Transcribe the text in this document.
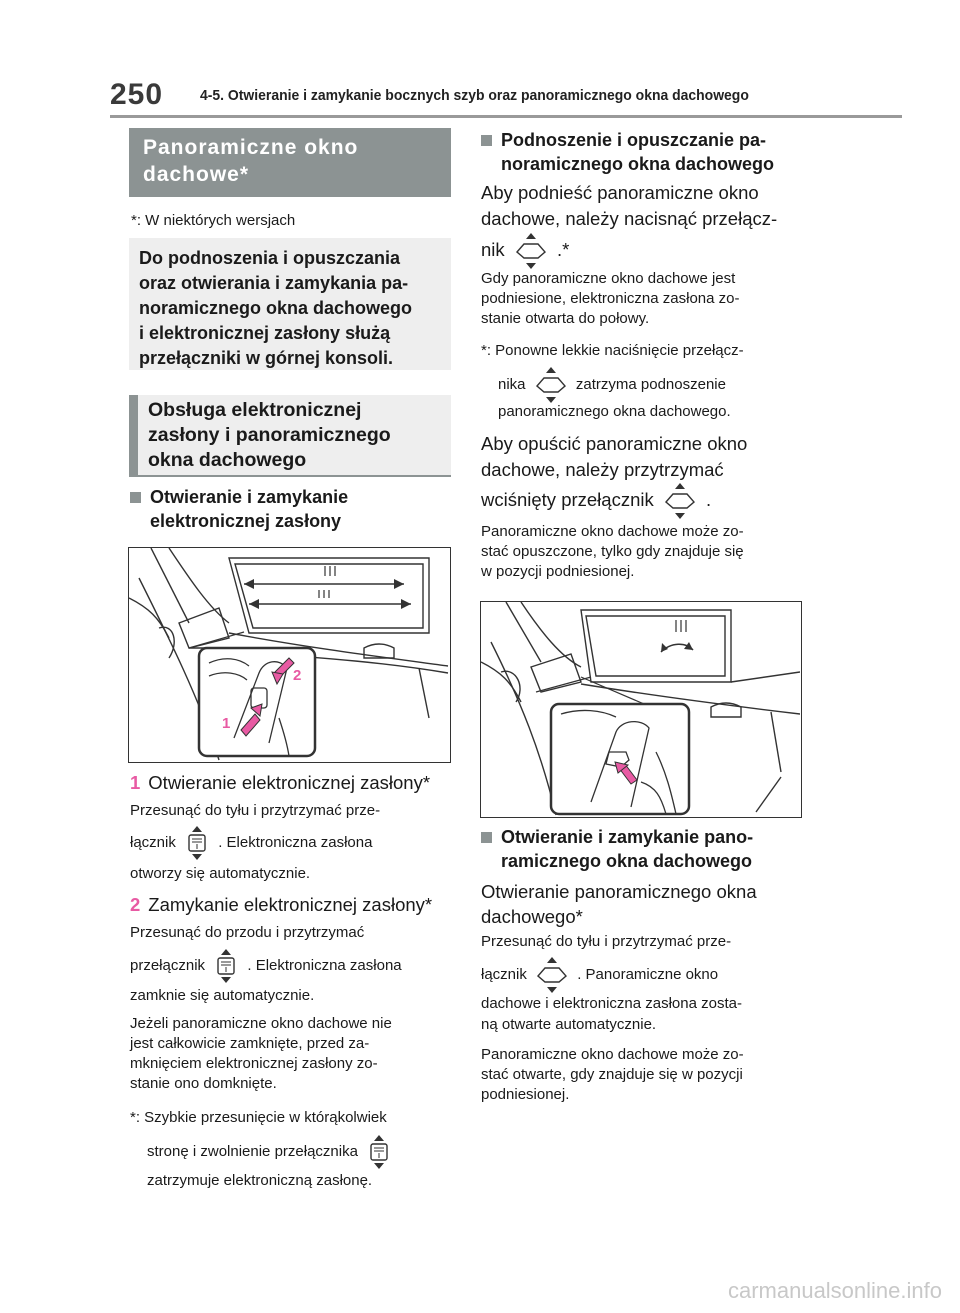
250 4-5. Otwieranie i zamykanie bocznych szyb oraz panoramicznego okna dachowego
Panoramiczne okno
dachowe*
*: W niektórych wersjach
Do podnoszenia i opuszczania
oraz otwierania i zamykania pa-
noramicznego okna dachowego
i elektronicznej zasłony służą
przełączniki w górnej konsoli.
Obsługa elektronicznej
zasłony i panoramicznego
okna dachowego
Otwieranie i zamykanie
elektronicznej zasłony
1
2
1 Otwieranie elektronicznej zasłony*
Przesunąć do tyłu i przytrzymać prze-
łącznik	. Elektroniczna zasłona
otworzy się automatycznie.
2 Zamykanie elektronicznej zasłony*
Przesunąć do przodu i przytrzymać
przełącznik	. Elektroniczna zasłona
zamknie się automatycznie.
Jeżeli panoramiczne okno dachowe nie
jest całkowicie zamknięte, przed za-
mknięciem elektronicznej zasłony zo-
stanie ono domknięte.
*: Szybkie przesunięcie w którąkolwiek
stronę i zwolnienie przełącznika
zatrzymuje elektroniczną zasłonę.
Podnoszenie i opuszczanie pa-
noramicznego okna dachowego
Aby podnieść panoramiczne okno
dachowe, należy nacisnąć przełącz-
nik	.*
Gdy panoramiczne okno dachowe jest
podniesione, elektroniczna zasłona zo-
stanie otwarta do połowy.
*: Ponowne lekkie naciśnięcie przełącz-
nika	zatrzyma podnoszenie
panoramicznego okna dachowego.
Aby opuścić panoramiczne okno
dachowe, należy przytrzymać
wciśnięty przełącznik	.
Panoramiczne okno dachowe może zo-
stać opuszczone, tylko gdy znajduje się
w pozycji podniesionej.
Otwieranie i zamykanie pano-
ramicznego okna dachowego
Otwieranie panoramicznego okna
dachowego*
Przesunąć do tyłu i przytrzymać prze-
łącznik	. Panoramiczne okno
dachowe i elektroniczna zasłona zosta-
ną otwarte automatycznie.
Panoramiczne okno dachowe może zo-
stać otwarte, gdy znajduje się w pozycji
podniesionej.
carmanualsonline.info
